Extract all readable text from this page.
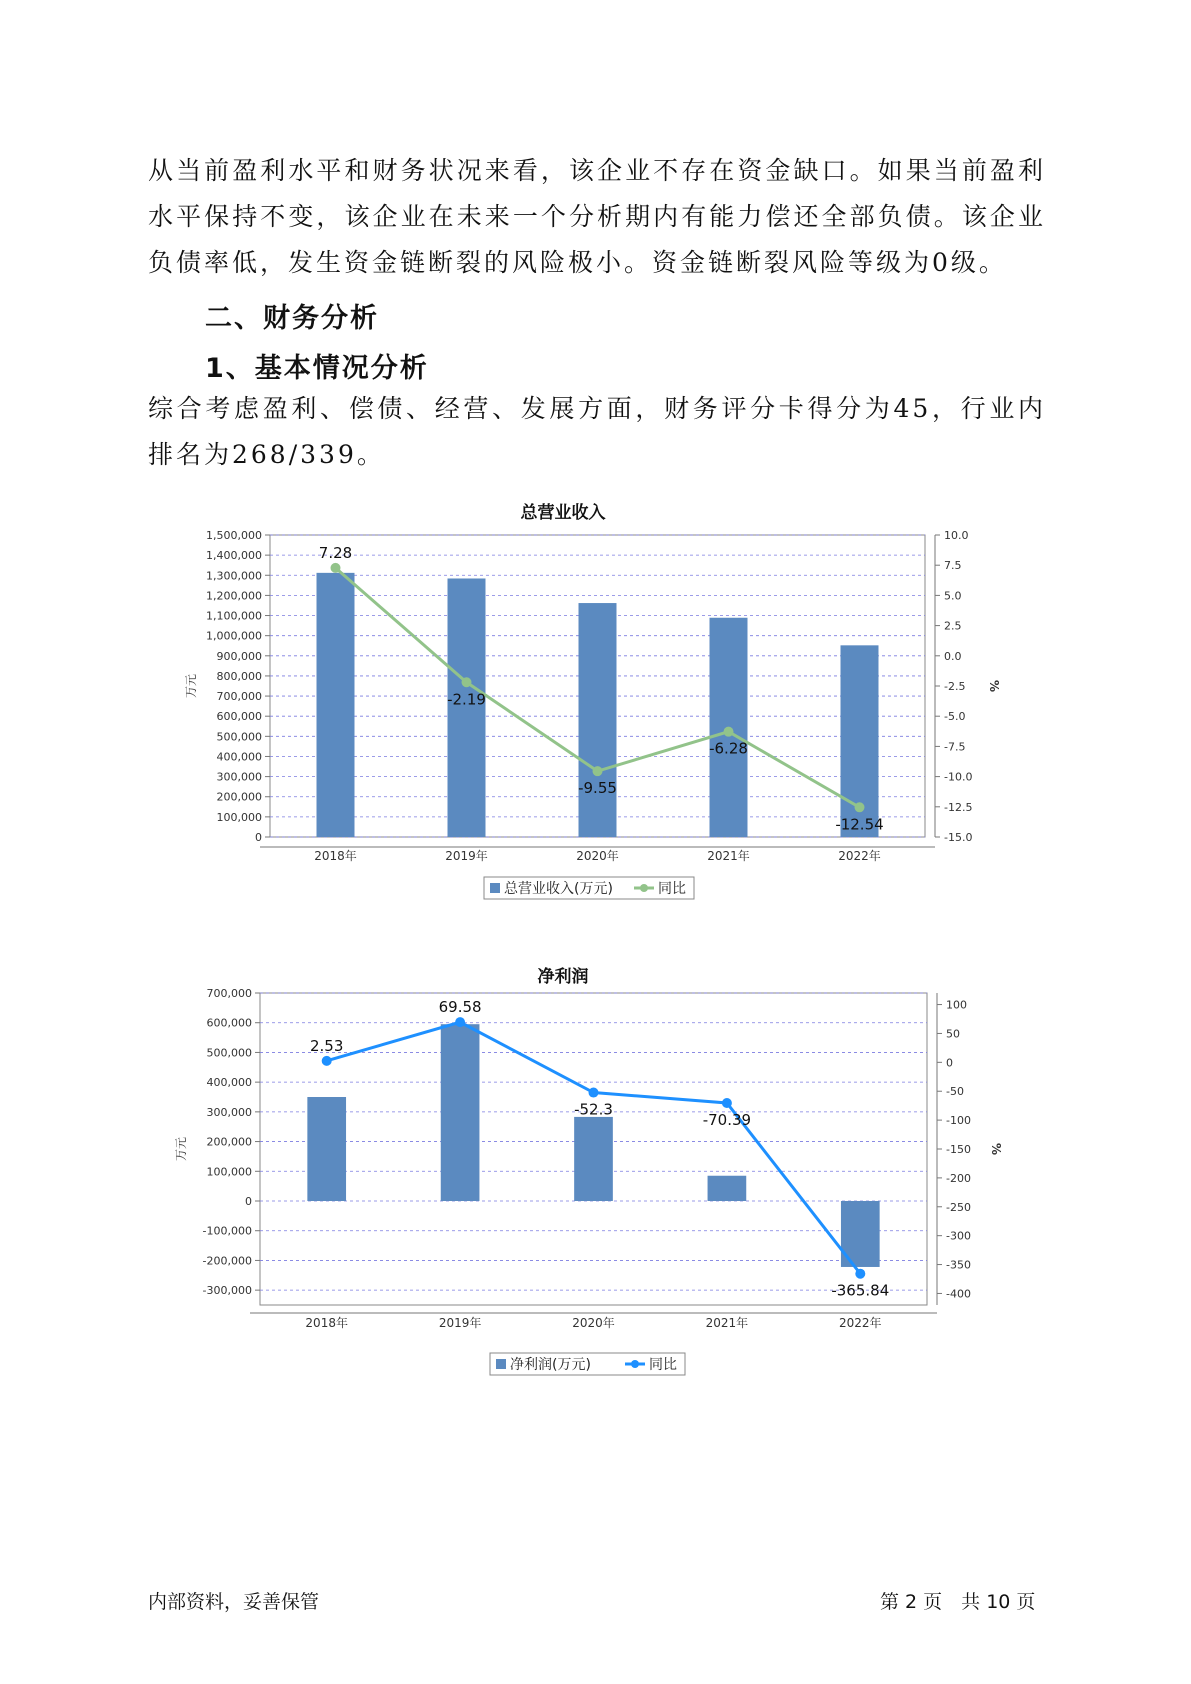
从当前盈利水平和财务状况来看，该企业不存在资金缺口。如果当前盈利水平保持不变，该企业在未来一个分析期内有能力偿还全部负债。该企业负债率低，发生资金链断裂的风险极小。资金链断裂风险等级为0级。
二、财务分析
1、基本情况分析
综合考虑盈利、偿债、经营、发展方面，财务评分卡得分为45，行业内排名为268/339。
总营业收入
1,500,000
1,400,000
1,300,000
1,200,000
1,100,000
1,000,000
900,000
800,000
700,000
600,000
500,000
400,000
300,000
200,000
100,000
0
10.0
7.5
5.0
2.5
0.0
-2.5
-5.0
-7.5
-10.0
-12.5
-15.0
万元	%
7.28
-2.19
-9.55
-6.28
-12.54
2018年	2019年	2020年	2021年	2022年
总营业收入(万元)	同比
净利润
700,000
600,000
500,000
400,000
300,000
200,000
100,000
0
-100,000
-200,000
-300,000
100
50
0
-50
-100
-150
-200
-250
-300
-350
-400
万元	%
2.53
69.58
-52.3
-70.39
-365.84
2018年	2019年	2020年	2021年	2022年
净利润(万元)	同比
内部资料，妥善保管	第 2 页　共 10 页
